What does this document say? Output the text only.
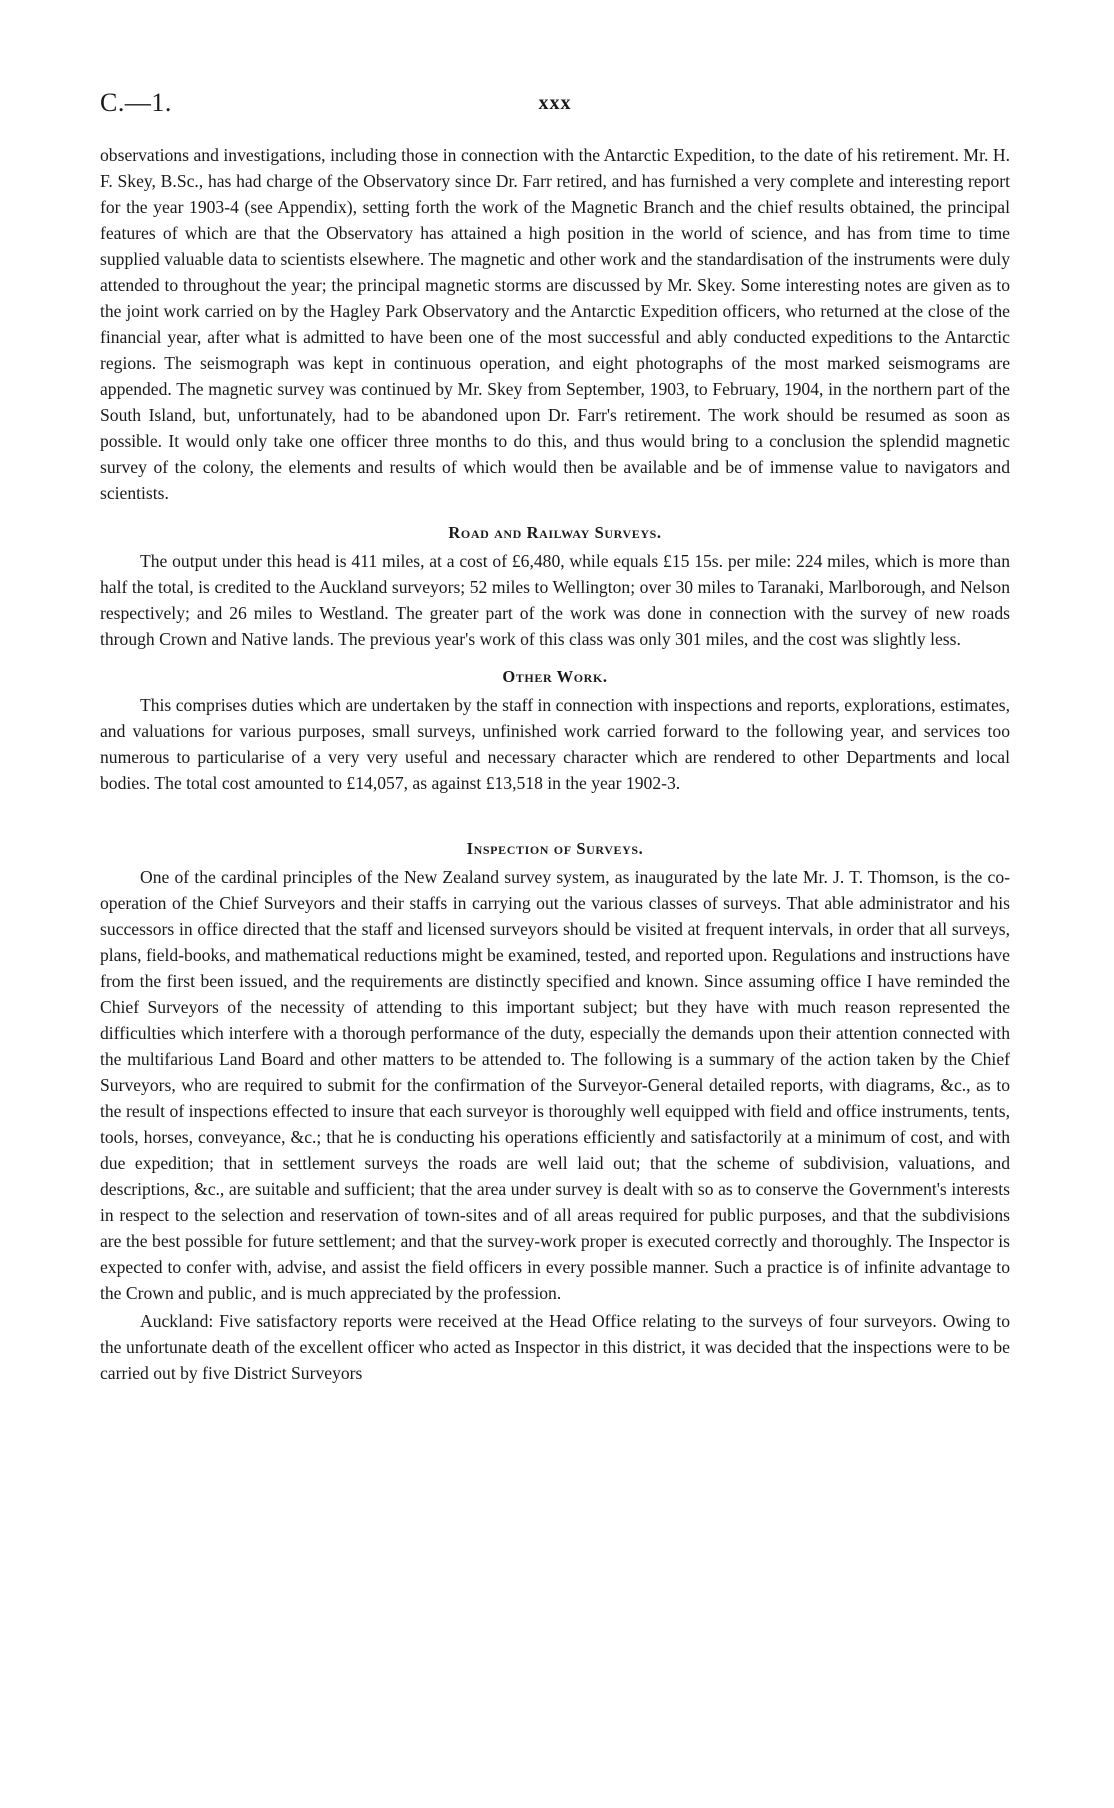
C.—1.	xxx

observations and investigations, including those in connection with the Antarctic Expedition, to the date of his retirement. Mr. H. F. Skey, B.Sc., has had charge of the Observatory since Dr. Farr retired, and has furnished a very complete and interesting report for the year 1903-4 (see Appendix), setting forth the work of the Magnetic Branch and the chief results obtained, the principal features of which are that the Observatory has attained a high position in the world of science, and has from time to time supplied valuable data to scientists elsewhere. The magnetic and other work and the standardisation of the instruments were duly attended to throughout the year; the principal magnetic storms are discussed by Mr. Skey. Some interesting notes are given as to the joint work carried on by the Hagley Park Observatory and the Antarctic Expedition officers, who returned at the close of the financial year, after what is admitted to have been one of the most successful and ably conducted expeditions to the Antarctic regions. The seismograph was kept in continuous operation, and eight photographs of the most marked seismograms are appended. The magnetic survey was continued by Mr. Skey from September, 1903, to February, 1904, in the northern part of the South Island, but, unfortunately, had to be abandoned upon Dr. Farr's retirement. The work should be resumed as soon as possible. It would only take one officer three months to do this, and thus would bring to a conclusion the splendid magnetic survey of the colony, the elements and results of which would then be available and be of immense value to navigators and scientists.

Road and Railway Surveys.

The output under this head is 411 miles, at a cost of £6,480, while equals £15 15s. per mile: 224 miles, which is more than half the total, is credited to the Auckland surveyors; 52 miles to Wellington; over 30 miles to Taranaki, Marlborough, and Nelson respectively; and 26 miles to Westland. The greater part of the work was done in connection with the survey of new roads through Crown and Native lands. The previous year's work of this class was only 301 miles, and the cost was slightly less.

Other Work.

This comprises duties which are undertaken by the staff in connection with inspections and reports, explorations, estimates, and valuations for various purposes, small surveys, unfinished work carried forward to the following year, and services too numerous to particularise of a very very useful and necessary character which are rendered to other Departments and local bodies. The total cost amounted to £14,057, as against £13,518 in the year 1902-3.

Inspection of Surveys.

One of the cardinal principles of the New Zealand survey system, as inaugurated by the late Mr. J. T. Thomson, is the co-operation of the Chief Surveyors and their staffs in carrying out the various classes of surveys. That able administrator and his successors in office directed that the staff and licensed surveyors should be visited at frequent intervals, in order that all surveys, plans, field-books, and mathematical reductions might be examined, tested, and reported upon. Regulations and instructions have from the first been issued, and the requirements are distinctly specified and known. Since assuming office I have reminded the Chief Surveyors of the necessity of attending to this important subject; but they have with much reason represented the difficulties which interfere with a thorough performance of the duty, especially the demands upon their attention connected with the multifarious Land Board and other matters to be attended to. The following is a summary of the action taken by the Chief Surveyors, who are required to submit for the confirmation of the Surveyor-General detailed reports, with diagrams, &c., as to the result of inspections effected to insure that each surveyor is thoroughly well equipped with field and office instruments, tents, tools, horses, conveyance, &c.; that he is conducting his operations efficiently and satisfactorily at a minimum of cost, and with due expedition; that in settlement surveys the roads are well laid out; that the scheme of subdivision, valuations, and descriptions, &c., are suitable and sufficient; that the area under survey is dealt with so as to conserve the Government's interests in respect to the selection and reservation of town-sites and of all areas required for public purposes, and that the subdivisions are the best possible for future settlement; and that the survey-work proper is executed correctly and thoroughly. The Inspector is expected to confer with, advise, and assist the field officers in every possible manner. Such a practice is of infinite advantage to the Crown and public, and is much appreciated by the profession.

Auckland: Five satisfactory reports were received at the Head Office relating to the surveys of four surveyors. Owing to the unfortunate death of the excellent officer who acted as Inspector in this district, it was decided that the inspections were to be carried out by five District Surveyors
